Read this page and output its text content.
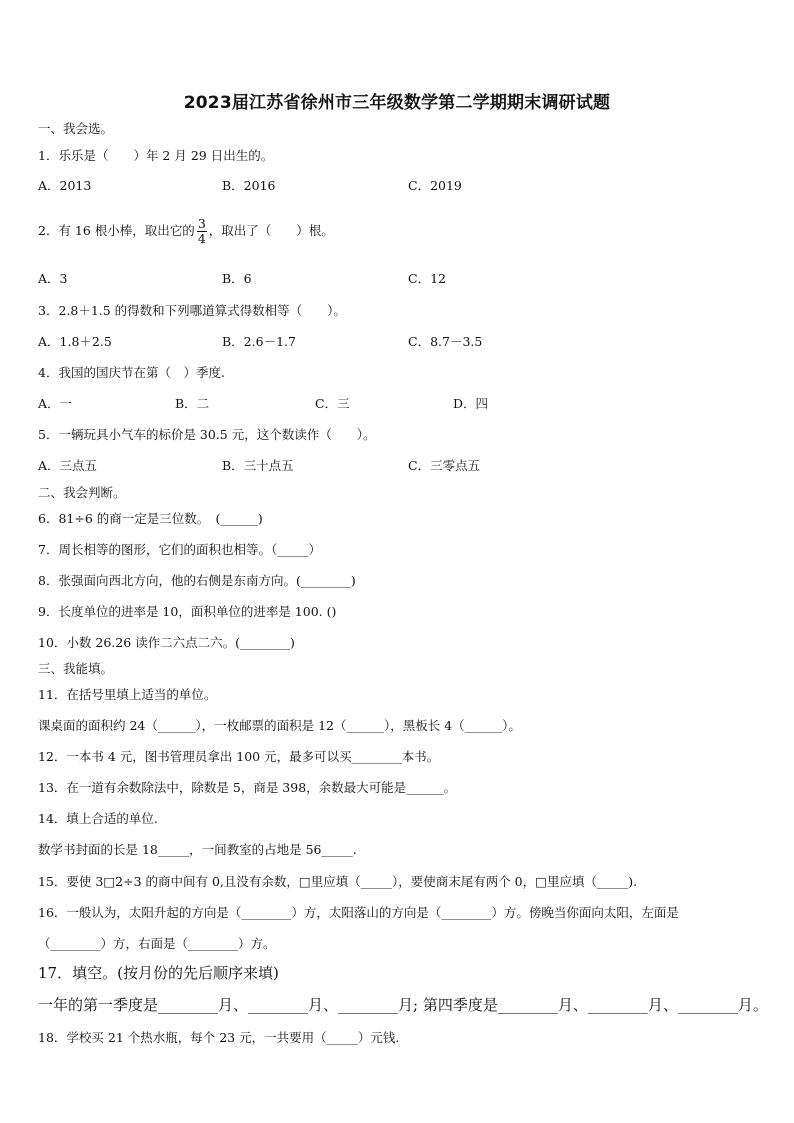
2023届江苏省徐州市三年级数学第二学期期末调研试题
一、我会选。
1．乐乐是（　　）年 2 月 29 日出生的。
A．2013	B．2016	C．2019
2．有 16 根小棒，取出它的 $\frac{3}{4}$ ，取出了（　　）根。
A．3	B．6	C．12
3．2.8＋1.5 的得数和下列哪道算式得数相等（　　）。
A．1.8＋2.5	B．2.6－1.7	C．8.7－3.5
4．我国的国庆节在第（　）季度.
A．一	B．二	C．三	D．四
5．一辆玩具小气车的标价是 30.5 元，这个数读作（　　）。
A．三点五	B．三十点五	C．三零点五
二、我会判断。
6．81÷6 的商一定是三位数。　(______)
7．周长相等的图形，它们的面积也相等。（_____）
8．张强面向西北方向，他的右侧是东南方向。(________)
9．长度单位的进率是 10，面积单位的进率是 100. ()
10．小数 26.26 读作二六点二六。(________)
三、我能填。
11．在括号里填上适当的单位。
课桌面的面积约 24（______），一枚邮票的面积是 12（______），黑板长 4（______）。
12．一本书 4 元，图书管理员拿出 100 元，最多可以买________本书。
13．在一道有余数除法中，除数是 5，商是 398，余数最大可能是______。
14．填上合适的单位.
数学书封面的长是 18_____，一间教室的占地是 56_____.
15．要使 3□2÷3 的商中间有 0,且没有余数，□里应填（_____），要使商末尾有两个 0，□里应填（_____).
16．一般认为，太阳升起的方向是（________）方，太阳落山的方向是（________）方。傍晚当你面向太阳，左面是
（________）方，右面是（________）方。
17．填空。(按月份的先后顺序来填)
一年的第一季度是________月、________月、________月; 第四季度是________月、________月、________月。
18．学校买 21 个热水瓶，每个 23 元，一共要用（_____）元钱.
